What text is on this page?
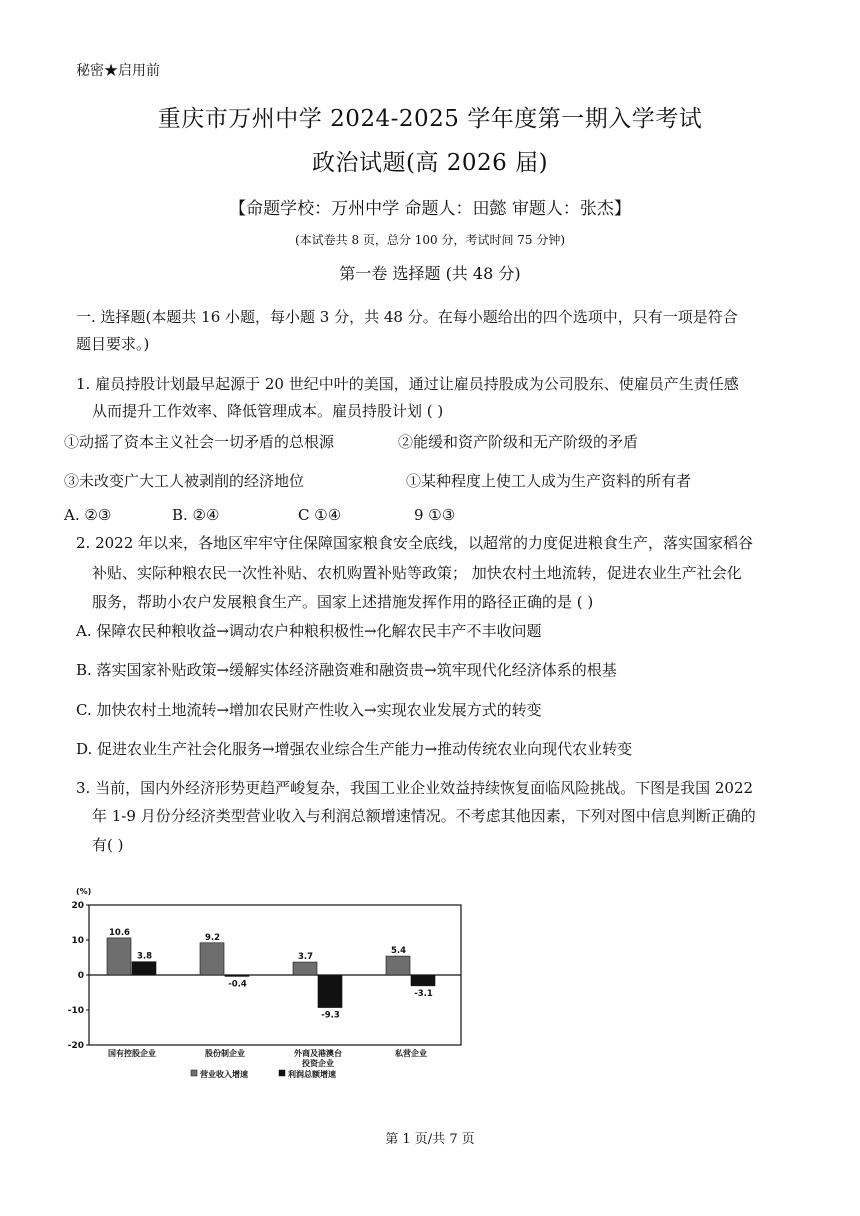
秘密★启用前
重庆市万州中学 2024-2025 学年度第一期入学考试
政治试题(高 2026 届)
【命题学校：万州中学 命题人：田懿 审题人：张杰】
(本试卷共 8 页，总分 100 分，考试时间 75 分钟)
第一卷 选择题 (共 48 分)
一. 选择题(本题共 16 小题，每小题 3 分，共 48 分。在每小题给出的四个选项中，只有一项是符合
题目要求。)
1. 雇员持股计划最早起源于 20 世纪中叶的美国，通过让雇员持股成为公司股东、使雇员产生责任感
从而提升工作效率、降低管理成本。雇员持股计划 ( )
①动摇了资本主义社会一切矛盾的总根源	②能缓和资产阶级和无产阶级的矛盾
③未改变广大工人被剥削的经济地位	①某种程度上使工人成为生产资料的所有者
A. ②③	B. ②④	C ①④	9 ①③
2. 2022 年以来，各地区牢牢守住保障国家粮食安全底线，以超常的力度促进粮食生产，落实国家稻谷
补贴、实际种粮农民一次性补贴、农机购置补贴等政策； 加快农村土地流转，促进农业生产社会化
服务，帮助小农户发展粮食生产。国家上述措施发挥作用的路径正确的是 ( )
A. 保障农民种粮收益→调动农户种粮积极性→化解农民丰产不丰收问题
B. 落实国家补贴政策→缓解实体经济融资难和融资贵→筑牢现代化经济体系的根基
C. 加快农村土地流转→增加农民财产性收入→实现农业发展方式的转变
D. 促进农业生产社会化服务→增强农业综合生产能力→推动传统农业向现代农业转变
3. 当前，国内外经济形势更趋严峻复杂，我国工业企业效益持续恢复面临风险挑战。下图是我国 2022
年 1-9 月份分经济类型营业收入与利润总额增速情况。不考虑其他因素，下列对图中信息判断正确的
有( )
(%)
20
10
0
-10
-20
10.6
3.8
国有控股企业
9.2
-0.4
股份制企业
3.7
-9.3
外商及港澳台
投资企业
5.4
-3.1
私营企业
营业收入增速	利润总额增速
第 1 页/共 7 页
